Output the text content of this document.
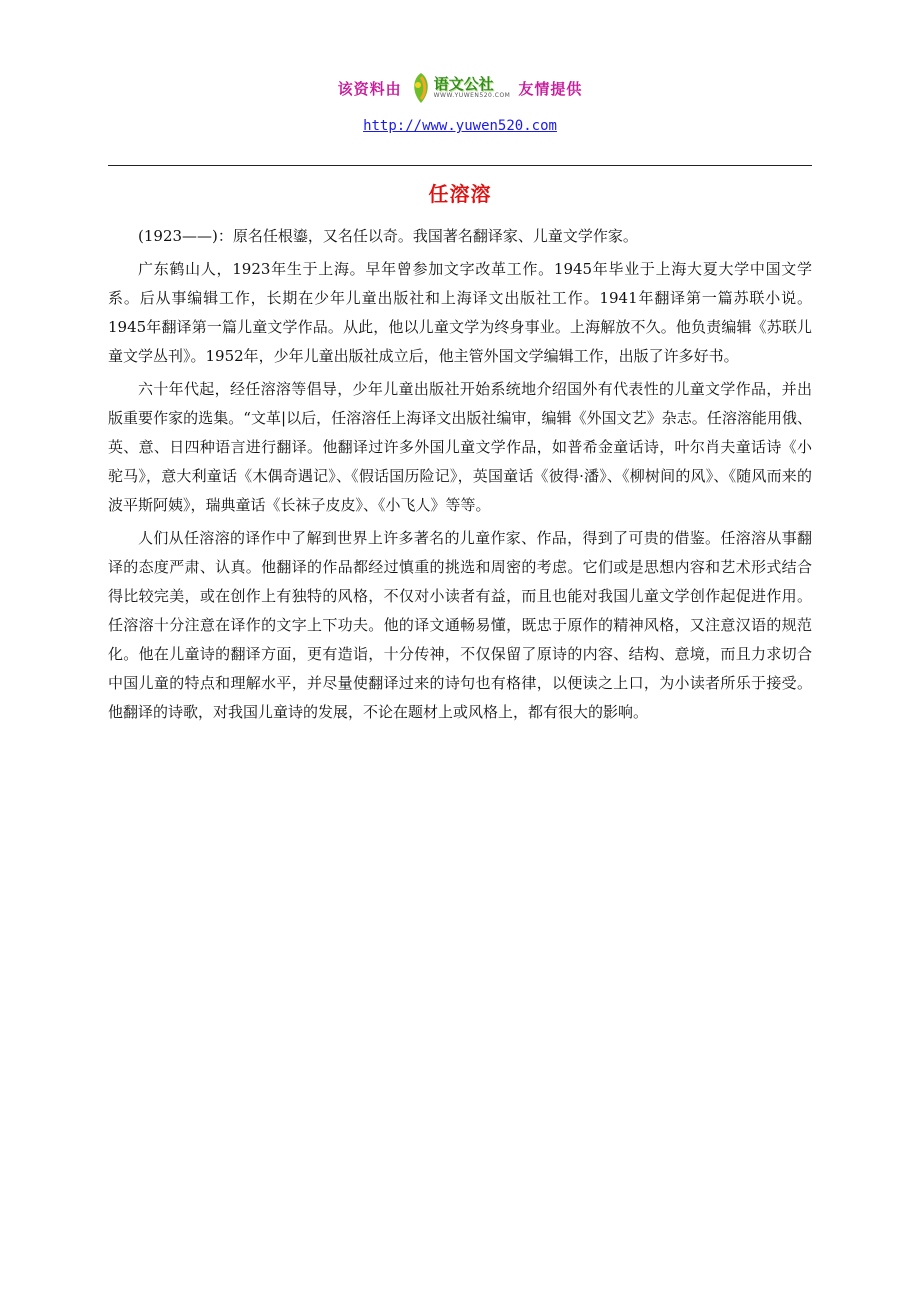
该资料由 语文公社
WWW.YUWEN520.COM 友情提供
http://www.yuwen520.com
任溶溶

(1923——)：原名任根鎏，又名任以奇。我国著名翻译家、儿童文学作家。

广东鹤山人，1923年生于上海。早年曾参加文字改革工作。1945年毕业于上海大夏大学中国文学系。后从事编辑工作，长期在少年儿童出版社和上海译文出版社工作。1941年翻译第一篇苏联小说。1945年翻译第一篇儿童文学作品。从此，他以儿童文学为终身事业。上海解放不久。他负责编辑《苏联儿童文学丛刊》。1952年，少年儿童出版社成立后，他主管外国文学编辑工作，出版了许多好书。

六十年代起，经任溶溶等倡导，少年儿童出版社开始系统地介绍国外有代表性的儿童文学作品，并出版重要作家的选集。“文革|以后，任溶溶任上海译文出版社编审，编辑《外国文艺》杂志。任溶溶能用俄、英、意、日四种语言进行翻译。他翻译过许多外国儿童文学作品，如普希金童话诗，叶尔肖夫童话诗《小驼马》，意大利童话《木偶奇遇记》、《假话国历险记》，英国童话《彼得·潘》、《柳树间的风》、《随风而来的波平斯阿姨》，瑞典童话《长袜子皮皮》、《小飞人》等等。

人们从任溶溶的译作中了解到世界上许多著名的儿童作家、作品，得到了可贵的借鉴。任溶溶从事翻译的态度严肃、认真。他翻译的作品都经过慎重的挑选和周密的考虑。它们或是思想内容和艺术形式结合得比较完美，或在创作上有独特的风格，不仅对小读者有益，而且也能对我国儿童文学创作起促进作用。任溶溶十分注意在译作的文字上下功夫。他的译文通畅易懂，既忠于原作的精神风格，又注意汉语的规范化。他在儿童诗的翻译方面，更有造诣，十分传神，不仅保留了原诗的内容、结构、意境，而且力求切合中国儿童的特点和理解水平，并尽量使翻译过来的诗句也有格律，以便读之上口，为小读者所乐于接受。他翻译的诗歌，对我国儿童诗的发展，不论在题材上或风格上，都有很大的影响。
